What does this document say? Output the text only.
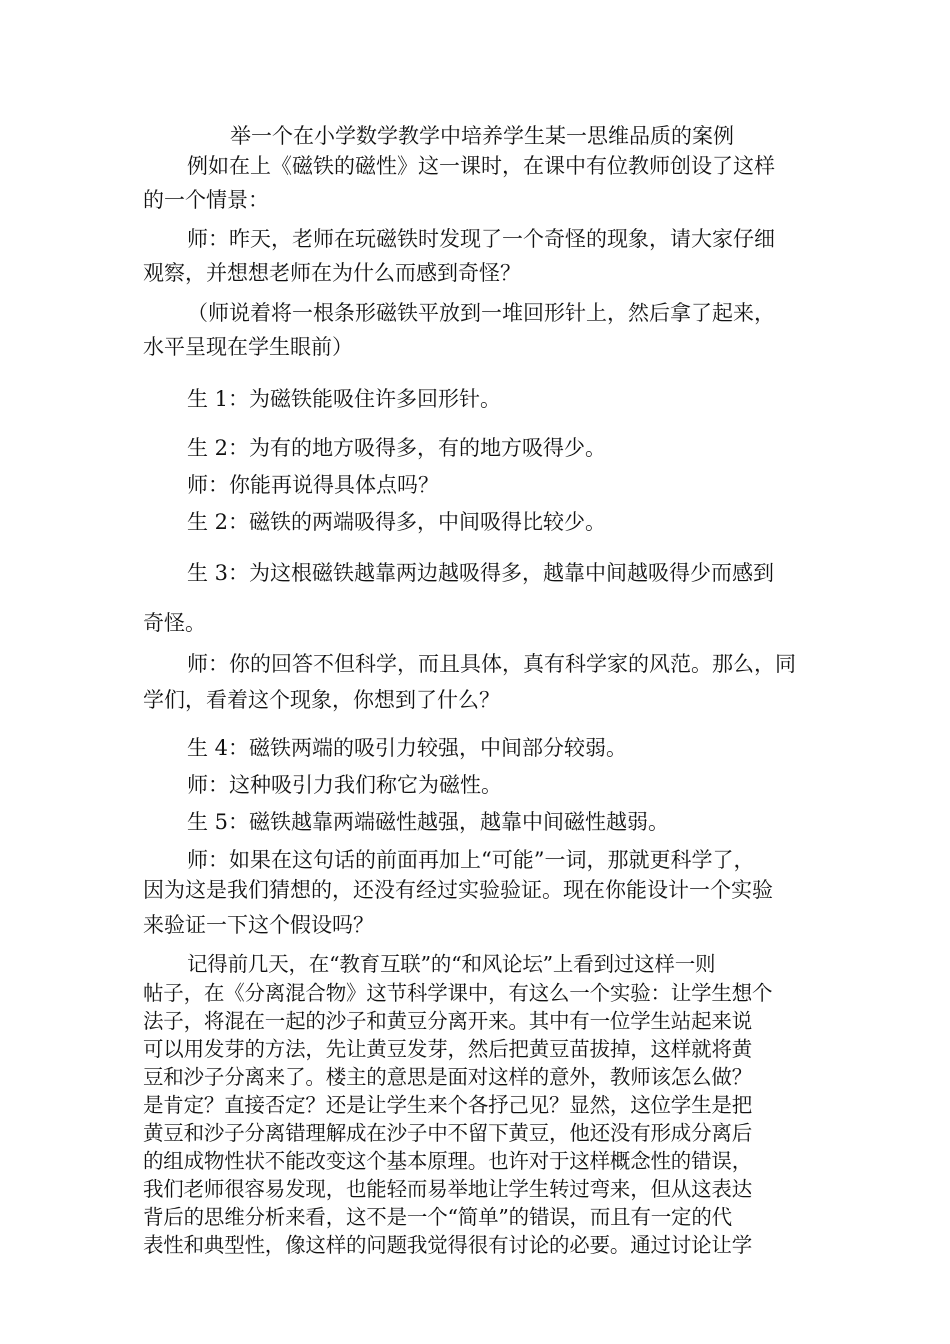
举一个在小学数学教学中培养学生某一思维品质的案例
例如在上《磁铁的磁性》这一课时，在课中有位教师创设了这样
的一个情景：
师：昨天，老师在玩磁铁时发现了一个奇怪的现象，请大家仔细
观察，并想想老师在为什么而感到奇怪？
（师说着将一根条形磁铁平放到一堆回形针上，然后拿了起来，
水平呈现在学生眼前）
生 1：为磁铁能吸住许多回形针。
生 2：为有的地方吸得多，有的地方吸得少。
师：你能再说得具体点吗？
生 2：磁铁的两端吸得多，中间吸得比较少。
生 3：为这根磁铁越靠两边越吸得多，越靠中间越吸得少而感到
奇怪。
师：你的回答不但科学，而且具体，真有科学家的风范。那么，同
学们，看着这个现象，你想到了什么？
生 4：磁铁两端的吸引力较强，中间部分较弱。
师：这种吸引力我们称它为磁性。
生 5：磁铁越靠两端磁性越强，越靠中间磁性越弱。
师：如果在这句话的前面再加上“可能”一词，那就更科学了，
因为这是我们猜想的，还没有经过实验验证。现在你能设计一个实验
来验证一下这个假设吗？
记得前几天，在“教育互联”的“和风论坛”上看到过这样一则
帖子，在《分离混合物》这节科学课中，有这么一个实验：让学生想个
法子，将混在一起的沙子和黄豆分离开来。其中有一位学生站起来说
可以用发芽的方法，先让黄豆发芽，然后把黄豆苗拔掉，这样就将黄
豆和沙子分离来了。楼主的意思是面对这样的意外，教师该怎么做？
是肯定？直接否定？还是让学生来个各抒己见？显然，这位学生是把
黄豆和沙子分离错理解成在沙子中不留下黄豆，他还没有形成分离后
的组成物性状不能改变这个基本原理。也许对于这样概念性的错误，
我们老师很容易发现，也能轻而易举地让学生转过弯来，但从这表达
背后的思维分析来看，这不是一个“简单”的错误，而且有一定的代
表性和典型性，像这样的问题我觉得很有讨论的必要。通过讨论让学
